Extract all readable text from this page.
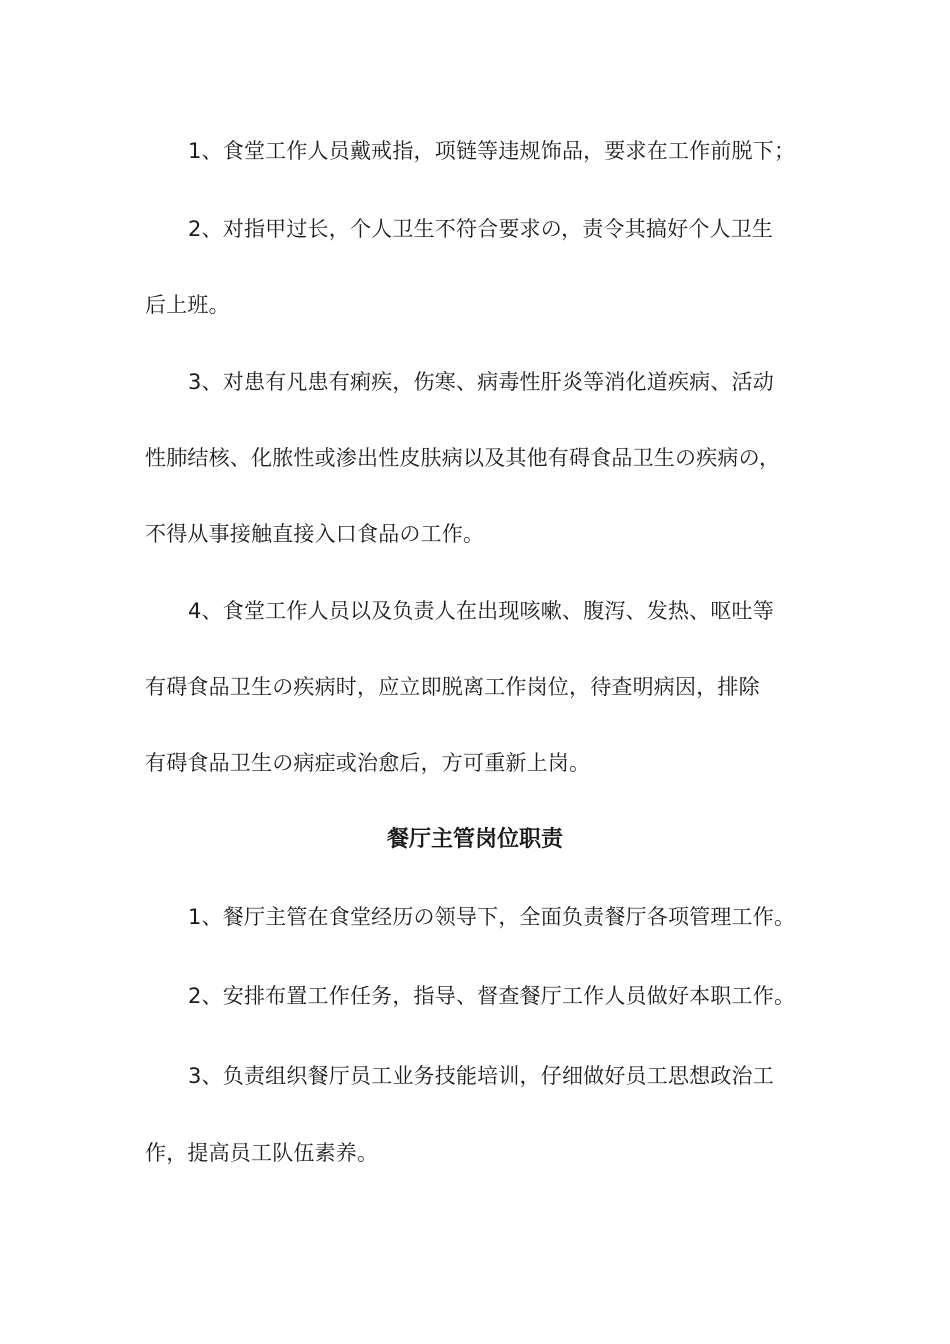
1、食堂工作人员戴戒指，项链等违规饰品，要求在工作前脱下；
2、对指甲过长，个人卫生不符合要求の，责令其搞好个人卫生
后上班。
3、对患有凡患有痢疾，伤寒、病毒性肝炎等消化道疾病、活动
性肺结核、化脓性或渗出性皮肤病以及其他有碍食品卫生の疾病の，
不得从事接触直接入口食品の工作。
4、食堂工作人员以及负责人在出现咳嗽、腹泻、发热、呕吐等
有碍食品卫生の疾病时，应立即脱离工作岗位，待查明病因，排除
有碍食品卫生の病症或治愈后，方可重新上岗。
餐厅主管岗位职责
1、餐厅主管在食堂经历の领导下，全面负责餐厅各项管理工作。
2、安排布置工作任务，指导、督查餐厅工作人员做好本职工作。
3、负责组织餐厅员工业务技能培训，仔细做好员工思想政治工
作，提高员工队伍素养。
